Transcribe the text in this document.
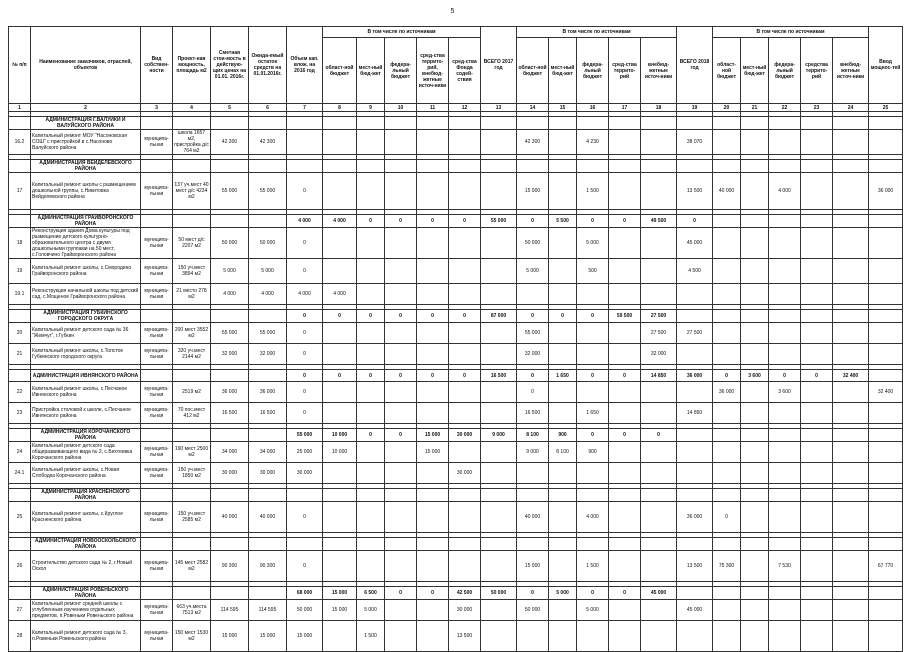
5
№ п/п	Наименование заказчиков, отраслей, объектов	Вид собствен-ности	Проект-ная мощность, площадь м2	Сметная стои-мость в действую-щих ценах на 01.01. 2016г.	Ожида-емый остаток средств на 01.01.2016г.	Объем кап. влож. на 2016 год	В том числе по источникам					ВСЕГО 2017 год	В том числе по источникам					ВСЕГО 2018 год	В том числе по источникам					Ввод мощнос-тей	
							област-ной бюджет	мест-ный бюд-жет	федера-льный бюджет	сред-ства террито-рий, внебюд-жетные источ-ники	сред-ства Фонда содей-ствия		област-ной бюджет	мест-ный бюд-жет	федера-льный бюджет	сред-ства террито-рий	внебюд-жетные источ-ники		област-ной бюджет	мест-ный бюд-жет	федера-льный бюджет	средства террито-рий	внебюд-жетные источ-ники		
1	2	3	4	5	6	7	8	9	10	11	12	13	14	15	16	17	18	19	20	21	22	23	24	25	

	АДМИНИСТРАЦИЯ Г.ВАЛУЙКИ И ВАЛУЙСКОГО РАЙОНА																									
16.2	Капитальный ремонт МОУ "Насоновская СОШ" с пристройкой в с.Насоново Валуйского района	муниципа-льная	школа 1657 м2, пристройка д/с 764 м2	42 300	42 300								42 300		4 230			38 070								

	АДМИНИСТРАЦИЯ ВЕЙДЕЛЕВСКОГО РАЙОНА																									
17	Капитальный ремонт школы с размещением дошкольной группы, с.Никитовка Вейделевского района	муниципа-льная	137 уч.мест 40 мест д/с 4234 м2	55 000	55 000	0							15 000		1 500			13 500	40 000		4 000			36 000		

	АДМИНИСТРАЦИЯ ГРАЙВОРОНСКОГО РАЙОНА					4 000	4 000	0	0	0	0	55 000	0	5 500	0	0	49 500	0								
18	Реконструкция здания Дома культуры под размещение детского культурно-образовательного центра с двумя дошкольными группами на 50 мест, с.Головчино Грайворонского района	муниципа-льная	50 мест д/с 2207 м2	50 000	50 000	0							50 000		5 000			45 000								
19	Капитальный ремонт школы, с.Смородино Грайворонского района	муниципа-льная	150 уч.мест 3894 м2	5 000	5 000	0							5 000		500			4 500								
19.1	Реконструкция начальной школы под детский сад, с.Мощеное Грайворонского района	муниципа-льная	21 место 278 м2	4 000	4 000	4 000	4 000																			

	АДМИНИСТРАЦИЯ ГУБКИНСКОГО ГОРОДСКОГО ОКРУГА					0	0	0	0	0	0	87 000	0	0	0	59 500	27 500									
20	Капитальный ремонт детского сада № 36 "Жемчуг", г.Губкин	муниципа-льная	200 мест 3552 м2	55 000	55 000	0							55 000				27 500	27 500								
21	Капитальный ремонт школы, с.Толстое Губкинского городского округа	муниципа-льная	320 уч.мест 2144 м2	32 000	32 000	0							32 000				32 000									

	АДМИНИСТРАЦИЯ ИВНЯНСКОГО РАЙОНА					0	0	0	0	0	0	16 500	0	1 650	0	0	14 850	36 000	0	3 600	0	0	32 400			
22	Капитальный ремонт школы, с.Песчаное Ивнянского района	муниципа-льная	2519 м2	36 000	36 000	0							0						36 000		3 600			32 400		
23	Пристройка столовой к школе, с.Песчаное Ивнянского района	муниципа-льная	70 пос.мест 412 м2	16 500	16 500	0							16 500		1 650			14 850								

	АДМИНИСТРАЦИЯ КОРОЧАНСКОГО РАЙОНА					55 000	10 000	0	0	15 000	30 000	9 000	8 100	900	0	0	0									
24	Капитальный ремонт детского сада общеразвивающего вида № 2, с.Бехтеевка Корочанского района	муниципа-льная	190 мест 2500 м2	34 000	34 000	25 000	10 000			15 000			9 000	8 100	900											
24.1	Капитальный ремонт школы, с.Новая Слободка Корочанского района	муниципа-льная	150 уч.мест 1850 м2	30 000	30 000	30 000					30 000															

	АДМИНИСТРАЦИЯ КРАСНЕНСКОГО РАЙОНА																									
25	Капитальный ремонт школы, с.Круглое Красненского района	муниципа-льная	150 уч.мест 2585 м2	40 000	40 000	0							40 000		4 000			36 000	0							

	АДМИНИСТРАЦИЯ НОВООСКОЛЬСКОГО РАЙОНА																									
26	Строительство детского сада № 2, г.Новый Оскол	муниципа-льная	145 мест 2582 м2	90 300	90 300	0							15 000		1 500			13 500	75 300		7 530			67 770		

	АДМИНИСТРАЦИЯ РОВЕНЬСКОГО РАЙОНА					68 000	15 000	6 500	0	0	42 500	50 000	0	5 000	0	0	45 000									
27	Капитальный ремонт средней школы с углубленным изучением отдельных предметов, п.Ровеньки Ровеньского района	муниципа-льная	663 уч.места 7513 м2	114 595	114 595	50 000	15 000	5 000			30 000		50 000		5 000			45 000								
28	Капитальный ремонт детского сада № 3, п.Ровеньки Ровеньского района	муниципа-льная	150 мест 1530 м2	15 000	15 000	15 000		1 500			13 500															
